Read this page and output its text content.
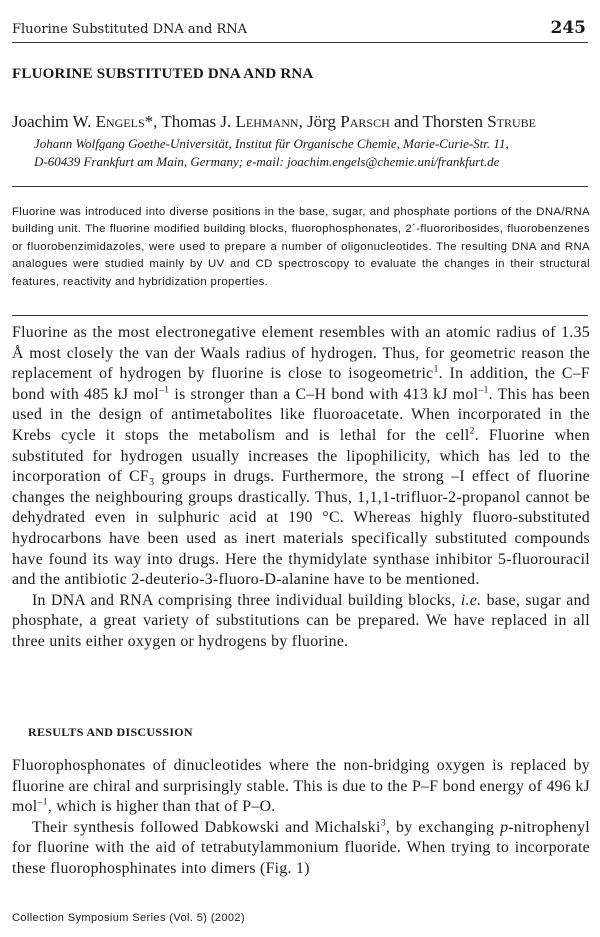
Fluorine Substituted DNA and RNA	245
FLUORINE SUBSTITUTED DNA AND RNA
Joachim W. Engels*, Thomas J. Lehmann, Jörg Parsch and Thorsten Strube
Johann Wolfgang Goethe-Universität, Institut für Organische Chemie, Marie-Curie-Str. 11,
D-60439 Frankfurt am Main, Germany; e-mail: joachim.engels@chemie.uni/frankfurt.de
Fluorine was introduced into diverse positions in the base, sugar, and phosphate portions of the DNA/RNA building unit. The fluorine modified building blocks, fluorophosphonates, 2´-fluororibosides, fluorobenzenes or fluorobenzimidazoles, were used to prepare a number of oligonucleotides. The resulting DNA and RNA analogues were studied mainly by UV and CD spectroscopy to evaluate the changes in their structural features, reactivity and hybridization properties.

Fluorine as the most electronegative element resembles with an atomic radius of 1.35 Å most closely the van der Waals radius of hydrogen. Thus, for geometric reason the replacement of hydrogen by fluorine is close to isogeometric$^1$. In addition, the C–F bond with 485 kJ mol$^{-1}$ is stronger than a C–H bond with 413 kJ mol$^{-1}$. This has been used in the design of antimetabolites like fluoroacetate. When incorporated in the Krebs cycle it stops the metabolism and is lethal for the cell$^2$. Fluorine when substituted for hydrogen usually increases the lipophilicity, which has led to the incorporation of $CF_3$ groups in drugs. Furthermore, the strong –I effect of fluorine changes the neighbouring groups drastically. Thus, 1,1,1-trifluor-2-propanol cannot be dehydrated even in sulphuric acid at 190 °C. Whereas highly fluoro-substituted hydrocarbons have been used as inert materials specifically substituted compounds have found its way into drugs. Here the thymidylate synthase inhibitor 5-fluorouracil and the antibiotic 2-deuterio-3-fluoro-D-alanine have to be mentioned.

In DNA and RNA comprising three individual building blocks, i.e. base, sugar and phosphate, a great variety of substitutions can be prepared. We have replaced in all three units either oxygen or hydrogens by fluorine.

RESULTS AND DISCUSSION

Fluorophosphonates of dinucleotides where the non-bridging oxygen is replaced by fluorine are chiral and surprisingly stable. This is due to the P–F bond energy of 496 kJ mol$^{-1}$, which is higher than that of P–O.

Their synthesis followed Dabkowski and Michalski$^3$, by exchanging p-nitrophenyl for fluorine with the aid of tetrabutylammonium fluoride. When trying to incorporate these fluorophosphinates into dimers (Fig. 1)

Collection Symposium Series (Vol. 5) (2002)
